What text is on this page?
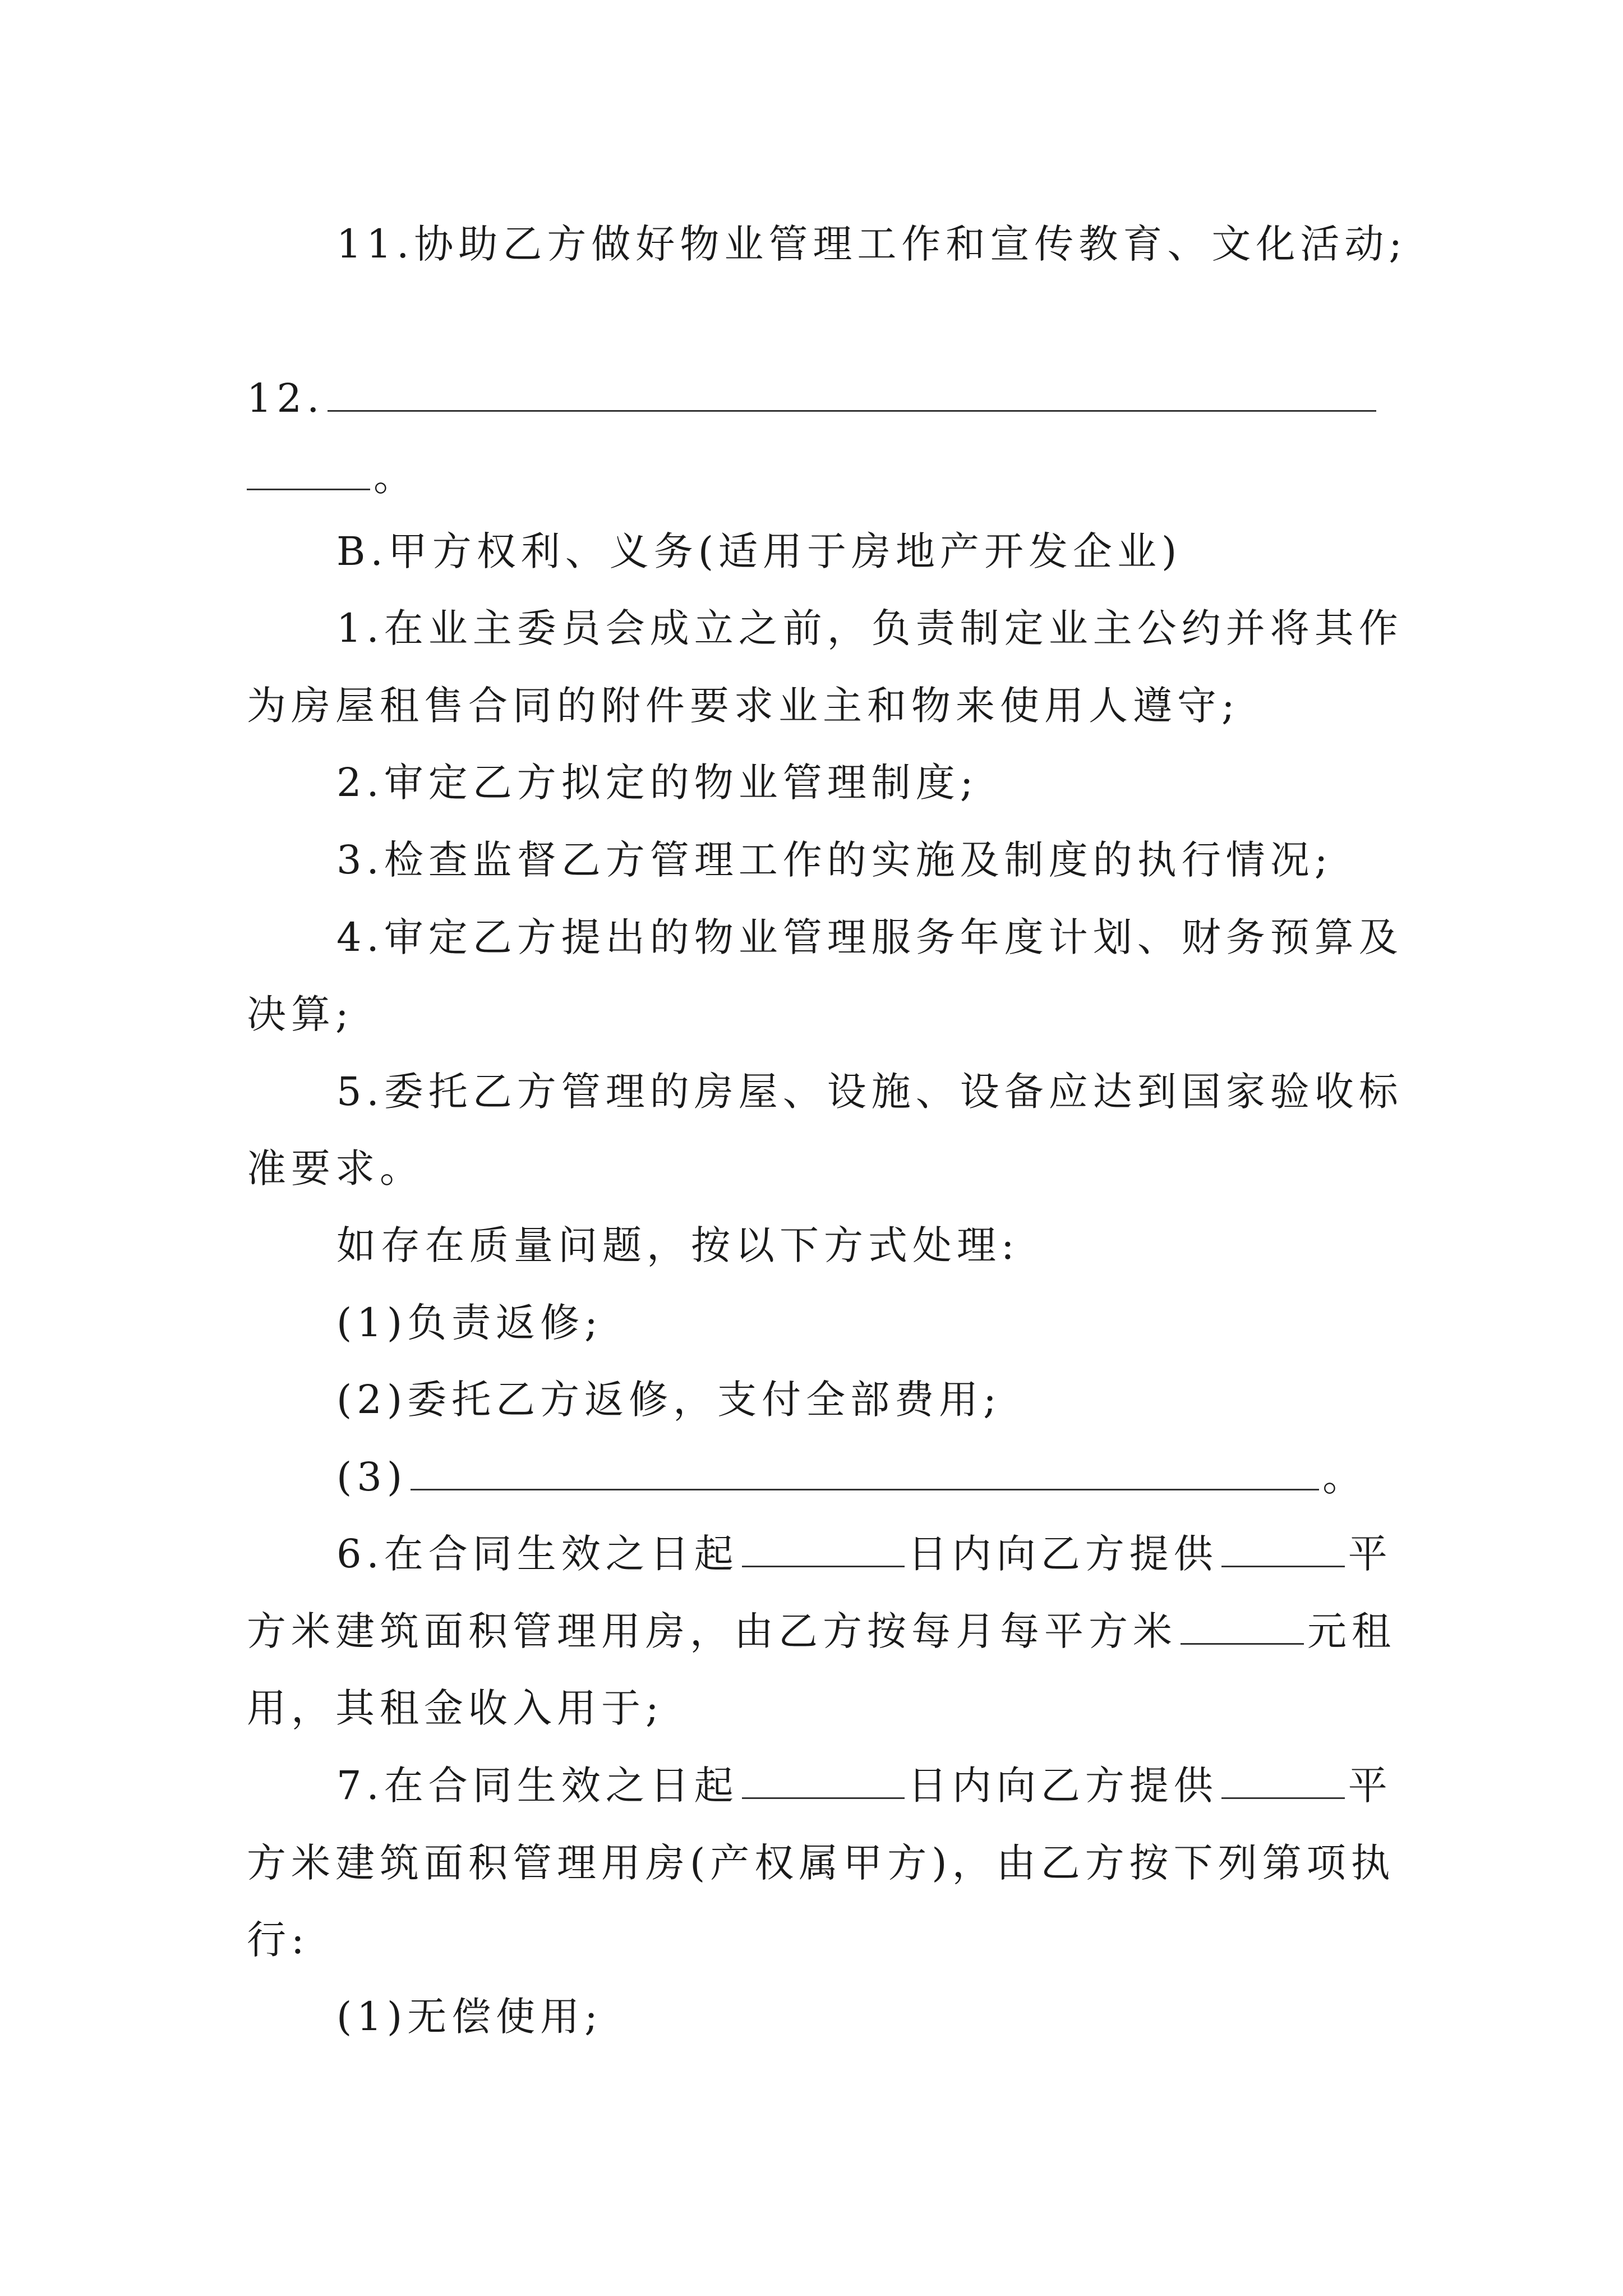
11.协助乙方做好物业管理工作和宣传教育、文化活动;
12.
。
B.甲方权利、义务(适用于房地产开发企业)
1.在业主委员会成立之前，负责制定业主公约并将其作
为房屋租售合同的附件要求业主和物来使用人遵守;
2.审定乙方拟定的物业管理制度;
3.检查监督乙方管理工作的实施及制度的执行情况;
4.审定乙方提出的物业管理服务年度计划、财务预算及
决算;
5.委托乙方管理的房屋、设施、设备应达到国家验收标
准要求。
如存在质量问题，按以下方式处理:
(1)负责返修;
(2)委托乙方返修，支付全部费用;
(3)	。
6.在合同生效之日起	日内向乙方提供	平
方米建筑面积管理用房，由乙方按每月每平方米	元租
用，其租金收入用于;
7.在合同生效之日起	日内向乙方提供	平
方米建筑面积管理用房(产权属甲方)，由乙方按下列第项执
行:
(1)无偿使用;
